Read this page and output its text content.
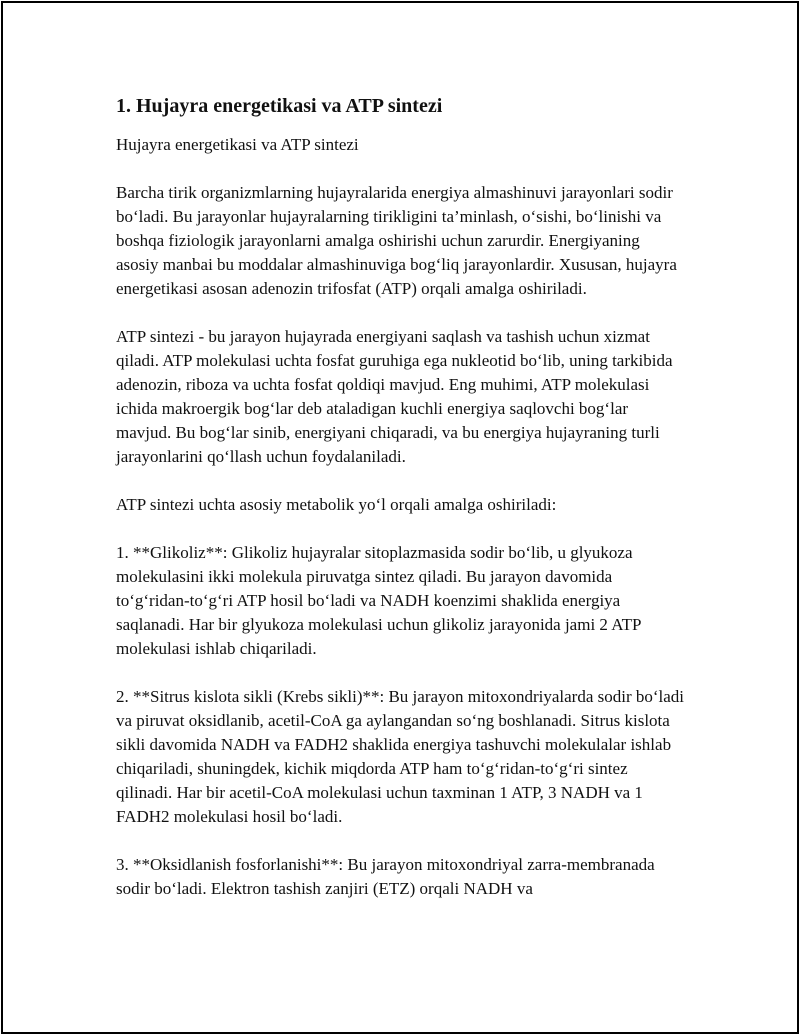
1. Hujayra energetikasi va ATP sintezi

Hujayra energetikasi va ATP sintezi

Barcha tirik organizmlarning hujayralarida energiya almashinuvi jarayonlari sodir bo‘ladi. Bu jarayonlar hujayralarning tirikligini ta’minlash, o‘sishi, bo‘linishi va boshqa fiziologik jarayonlarni amalga oshirishi uchun zarurdir. Energiyaning asosiy manbai bu moddalar almashinuviga bog‘liq jarayonlardir. Xususan, hujayra energetikasi asosan adenozin trifosfat (ATP) orqali amalga oshiriladi.

ATP sintezi - bu jarayon hujayrada energiyani saqlash va tashish uchun xizmat qiladi. ATP molekulasi uchta fosfat guruhiga ega nukleotid bo‘lib, uning tarkibida adenozin, riboza va uchta fosfat qoldiqi mavjud. Eng muhimi, ATP molekulasi ichida makroergik bog‘lar deb ataladigan kuchli energiya saqlovchi bog‘lar mavjud. Bu bog‘lar sinib, energiyani chiqaradi, va bu energiya hujayraning turli jarayonlarini qo‘llash uchun foydalaniladi.

ATP sintezi uchta asosiy metabolik yo‘l orqali amalga oshiriladi:

1. **Glikoliz**: Glikoliz hujayralar sitoplazmasida sodir bo‘lib, u glyukoza molekulasini ikki molekula piruvatga sintez qiladi. Bu jarayon davomida to‘g‘ridan-to‘g‘ri ATP hosil bo‘ladi va NADH koenzimi shaklida energiya saqlanadi. Har bir glyukoza molekulasi uchun glikoliz jarayonida jami 2 ATP molekulasi ishlab chiqariladi.

2. **Sitrus kislota sikli (Krebs sikli)**: Bu jarayon mitoxondriyalarda sodir bo‘ladi va piruvat oksidlanib, acetil-CoA ga aylangandan so‘ng boshlanadi. Sitrus kislota sikli davomida NADH va FADH2 shaklida energiya tashuvchi molekulalar ishlab chiqariladi, shuningdek, kichik miqdorda ATP ham to‘g‘ridan-to‘g‘ri sintez qilinadi. Har bir acetil-CoA molekulasi uchun taxminan 1 ATP, 3 NADH va 1 FADH2 molekulasi hosil bo‘ladi.

3. **Oksidlanish fosforlanishi**: Bu jarayon mitoxondriyal zarra-membranada sodir bo‘ladi. Elektron tashish zanjiri (ETZ) orqali NADH va
